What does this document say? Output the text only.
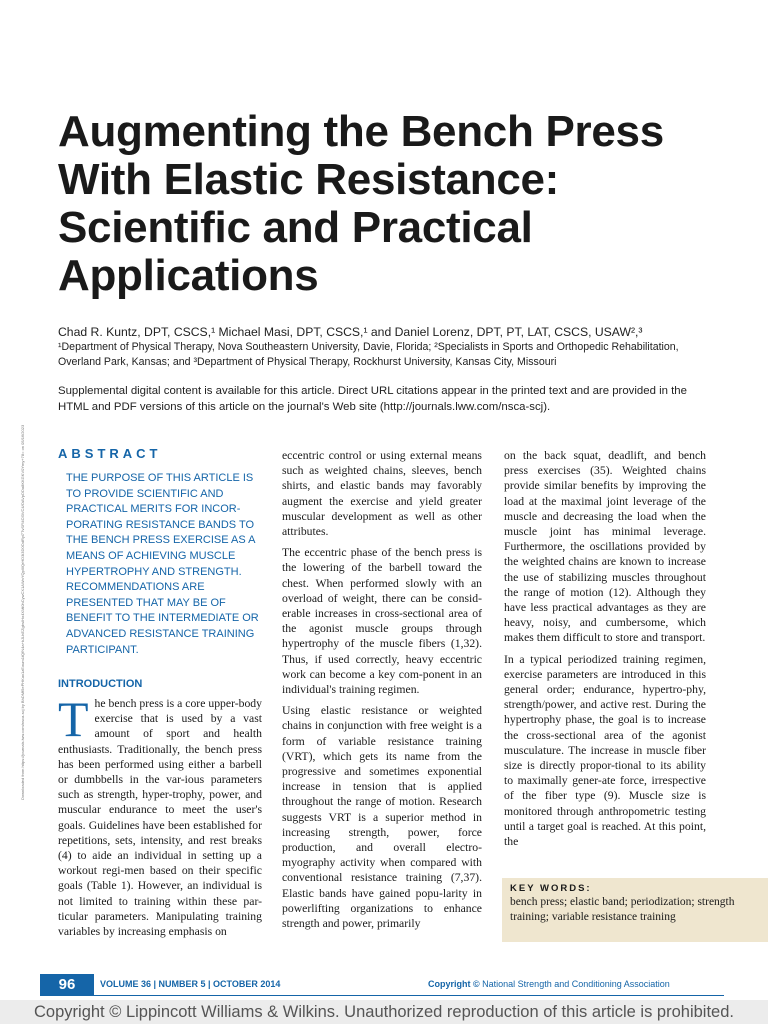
Downloaded from https://journals.lww.com/nsca-scj by BhDMf5ePHKav1zEoum1tQfN4a+kJLhEZgbsIHo4XMi0hCywCX1AWnYQp/IlQrHD3i3D0OdRyi7TvSFl4Cf3VC4/OAVpDDa8KKGKV0Ymy+78= on 05/16/2023
Augmenting the Bench Press With Elastic Resistance: Scientific and Practical Applications
Chad R. Kuntz, DPT, CSCS,¹ Michael Masi, DPT, CSCS,¹ and Daniel Lorenz, DPT, PT, LAT, CSCS, USAW²,³
¹Department of Physical Therapy, Nova Southeastern University, Davie, Florida; ²Specialists in Sports and Orthopedic Rehabilitation, Overland Park, Kansas; and ³Department of Physical Therapy, Rockhurst University, Kansas City, Missouri
Supplemental digital content is available for this article. Direct URL citations appear in the printed text and are provided in the HTML and PDF versions of this article on the journal's Web site (http://journals.lww.com/nsca-scj).
ABSTRACT
THE PURPOSE OF THIS ARTICLE IS TO PROVIDE SCIENTIFIC AND PRACTICAL MERITS FOR INCOR-PORATING RESISTANCE BANDS TO THE BENCH PRESS EXERCISE AS A MEANS OF ACHIEVING MUSCLE HYPERTROPHY AND STRENGTH. RECOMMENDATIONS ARE PRESENTED THAT MAY BE OF BENEFIT TO THE INTERMEDIATE OR ADVANCED RESISTANCE TRAINING PARTICIPANT.
INTRODUCTION
The bench press is a core upper-body exercise that is used by a vast amount of sport and health enthusiasts. Traditionally, the bench press has been performed using either a barbell or dumbbells in the var-ious parameters such as strength, hyper-trophy, power, and muscular endurance to meet the user's goals. Guidelines have been established for repetitions, sets, intensity, and rest breaks (4) to aide an individual in setting up a workout regi-men based on their specific goals (Table 1). However, an individual is not limited to training within these par-ticular parameters. Manipulating training variables by increasing emphasis on

eccentric control or using external means such as weighted chains, sleeves, bench shirts, and elastic bands may favorably augment the exercise and yield greater muscular development as well as other attributes.

The eccentric phase of the bench press is the lowering of the barbell toward the chest. When performed slowly with an overload of weight, there can be consid-erable increases in cross-sectional area of the agonist muscle groups through hypertrophy of the muscle fibers (1,32). Thus, if used correctly, heavy eccentric work can become a key com-ponent in an individual's training regimen.

Using elastic resistance or weighted chains in conjunction with free weight is a form of variable resistance training (VRT), which gets its name from the progressive and sometimes exponential increase in tension that is applied throughout the range of motion. Research suggests VRT is a superior method in increasing strength, power, force production, and overall electro-myography activity when compared with conventional resistance training (7,37). Elastic bands have gained popu-larity in powerlifting organizations to enhance strength and power, primarily

on the back squat, deadlift, and bench press exercises (35). Weighted chains provide similar benefits by improving the load at the maximal joint leverage of the muscle and decreasing the load when the muscle joint has minimal leverage. Furthermore, the oscillations provided by the weighted chains are known to increase the use of stabilizing muscles throughout the range of motion (12). Although they have less practical advantages as they are heavy, noisy, and cumbersome, which makes them difficult to store and transport.

In a typical periodized training regimen, exercise parameters are introduced in this general order; endurance, hypertro-phy, strength/power, and active rest. During the hypertrophy phase, the goal is to increase the cross-sectional area of the agonist musculature. The increase in muscle fiber size is directly propor-tional to its ability to maximally gener-ate force, irrespective of the fiber type (9). Muscle size is monitored through anthropometric testing until a target goal is reached. At this point, the

KEY WORDS:
bench press; elastic band; periodization; strength training; variable resistance training
96	VOLUME 36 | NUMBER 5 | OCTOBER 2014	Copyright © National Strength and Conditioning Association
Copyright © Lippincott Williams & Wilkins. Unauthorized reproduction of this article is prohibited.
